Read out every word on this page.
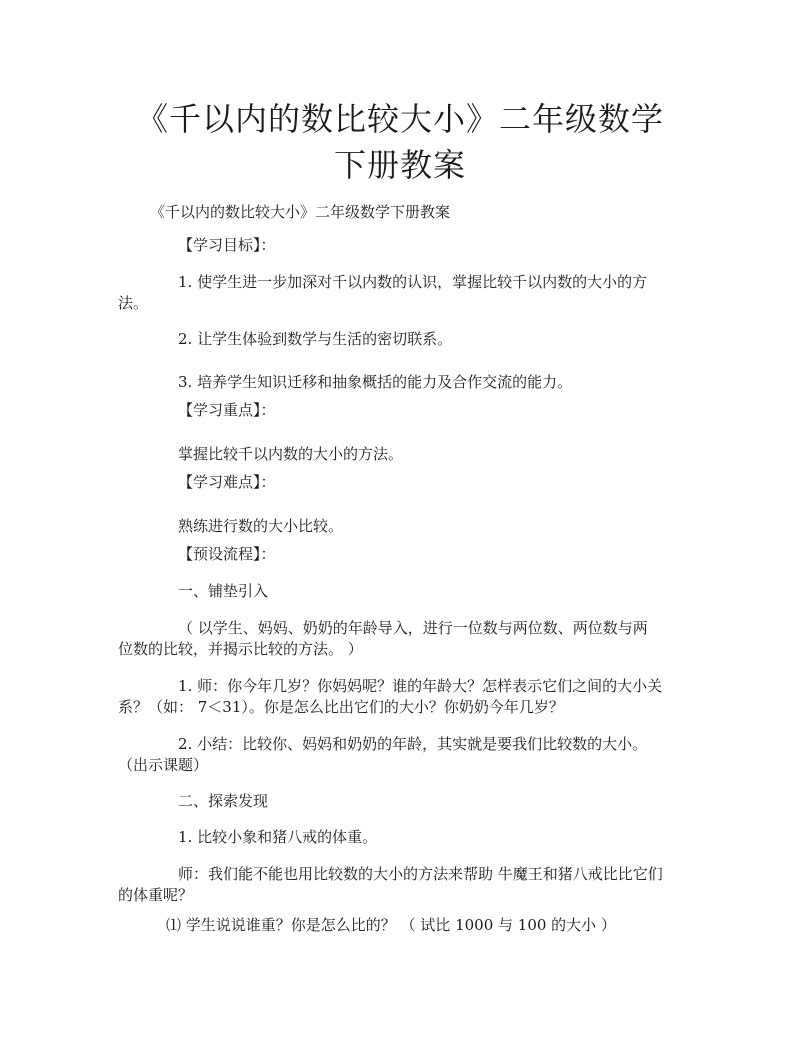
《千以内的数比较大小》二年级数学
下册教案
《千以内的数比较大小》二年级数学下册教案
【学习目标】：
1. 使学生进一步加深对千以内数的认识，掌握比较千以内数的大小的方
法。
2. 让学生体验到数学与生活的密切联系。
3. 培养学生知识迁移和抽象概括的能力及合作交流的能力。
【学习重点】：
掌握比较千以内数的大小的方法。
【学习难点】：
熟练进行数的大小比较。
【预设流程】：
一、铺垫引入
（ 以学生、妈妈、奶奶的年龄导入，进行一位数与两位数、两位数与两
位数的比较，并揭示比较的方法。 ）
1. 师：你今年几岁？你妈妈呢？谁的年龄大？怎样表示它们之间的大小关
系？（如： 7＜31）。你是怎么比出它们的大小？你奶奶今年几岁？
2. 小结：比较你、妈妈和奶奶的年龄，其实就是要我们比较数的大小。
（出示课题）
二、探索发现
1. 比较小象和猪八戒的体重。
师：我们能不能也用比较数的大小的方法来帮助 牛魔王和猪八戒比比它们
的体重呢？
⑴ 学生说说谁重？你是怎么比的？ （ 试比 1000 与 100 的大小 ）
